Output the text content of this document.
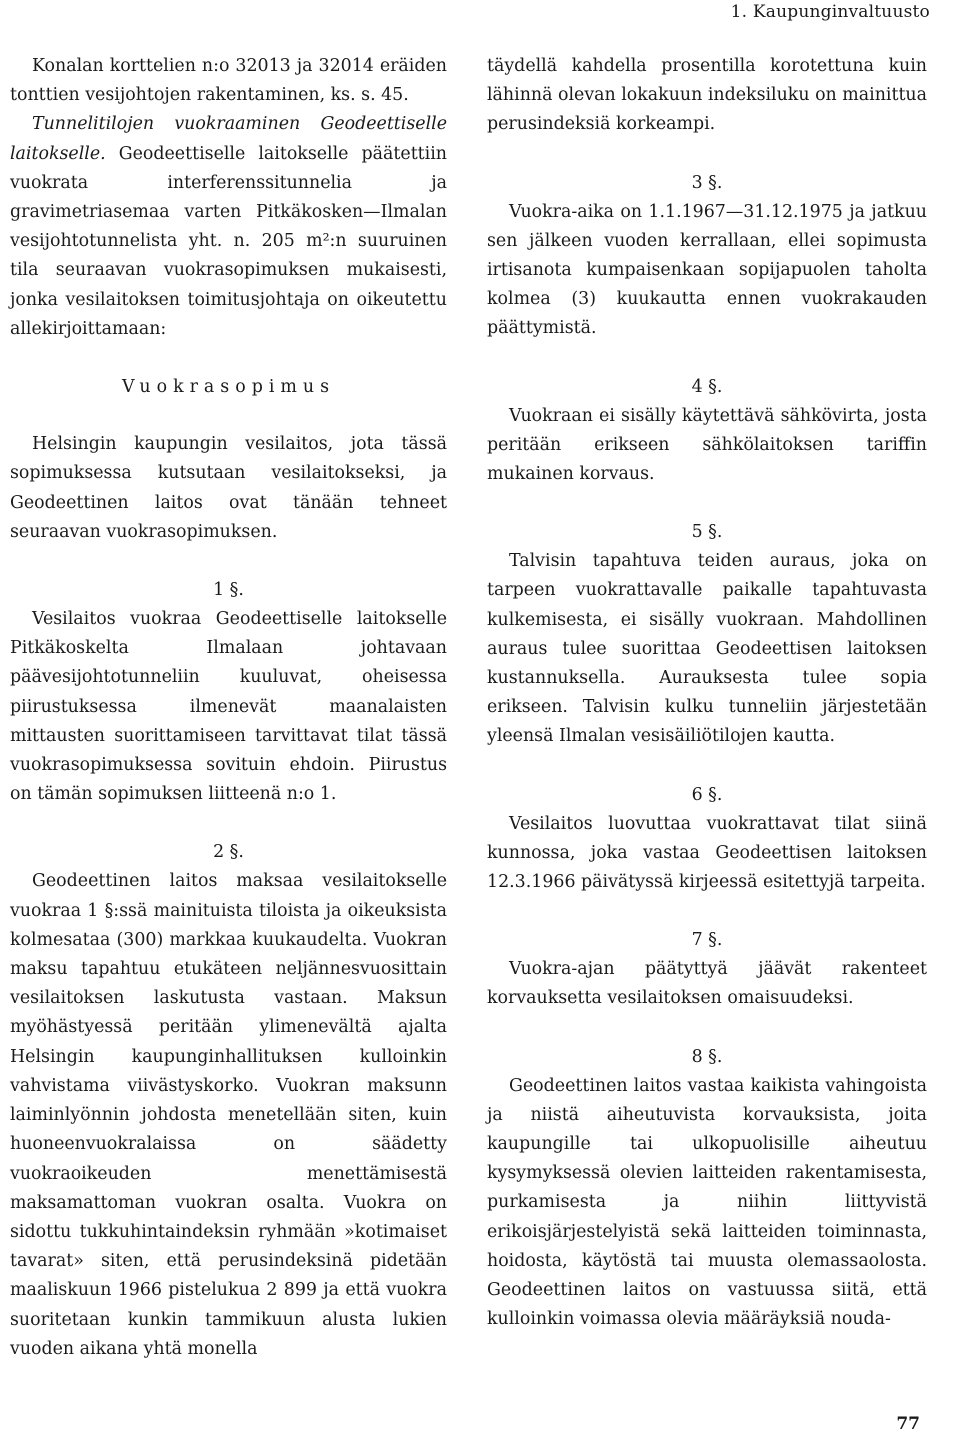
1. Kaupunginvaltuusto

Konalan korttelien n:o 32013 ja 32014 eräiden tonttien vesijohtojen rakentaminen, ks. s. 45.

Tunnelitilojen vuokraaminen Geodeettiselle laitokselle. Geodeettiselle laitokselle päätettiin vuokrata interferenssitunnelia ja gravimetriasemaa varten Pitkäkosken—Ilmalan vesijohtotunnelista yht. n. 205 m²:n suuruinen tila seuraavan vuokrasopimuksen mukaisesti, jonka vesilaitoksen toimitusjohtaja on oikeutettu allekirjoittamaan:

Vuokrasopimus

Helsingin kaupungin vesilaitos, jota tässä sopimuksessa kutsutaan vesilaitokseksi, ja Geodeettinen laitos ovat tänään tehneet seuraavan vuokrasopimuksen.

1 §.

Vesilaitos vuokraa Geodeettiselle laitokselle Pitkäkoskelta Ilmalaan johtavaan päävesijohtotunneliin kuuluvat, oheisessa piirustuksessa ilmenevät maanalaisten mittausten suorittamiseen tarvittavat tilat tässä vuokrasopimuksessa sovituin ehdoin. Piirustus on tämän sopimuksen liitteenä n:o 1.

2 §.

Geodeettinen laitos maksaa vesilaitokselle vuokraa 1 §:ssä mainituista tiloista ja oikeuksista kolmesataa (300) markkaa kuukaudelta. Vuokran maksu tapahtuu etukäteen neljännesvuosittain vesilaitoksen laskutusta vastaan. Maksun myöhästyessä peritään ylimenevältä ajalta Helsingin kaupunginhallituksen kulloinkin vahvistama viivästyskorko. Vuokran maksunn laiminlyönnin johdosta menetellään siten, kuin huoneenvuokralaissa on säädetty vuokraoikeuden menettämisestä maksamattoman vuokran osalta. Vuokra on sidottu tukkuhintaindeksin ryhmään »kotimaiset tavarat» siten, että perusindeksinä pidetään maaliskuun 1966 pistelukua 2 899 ja että vuokra suoritetaan kunkin tammikuun alusta lukien vuoden aikana yhtä monella

täydellä kahdella prosentilla korotettuna kuin lähinnä olevan lokakuun indeksiluku on mainittua perusindeksiä korkeampi.

3 §.

Vuokra-aika on 1.1.1967—31.12.1975 ja jatkuu sen jälkeen vuoden kerrallaan, ellei sopimusta irtisanota kumpaisenkaan sopijapuolen taholta kolmea (3) kuukautta ennen vuokrakauden päättymistä.

4 §.

Vuokraan ei sisälly käytettävä sähkövirta, josta peritään erikseen sähkölaitoksen tariffin mukainen korvaus.

5 §.

Talvisin tapahtuva teiden auraus, joka on tarpeen vuokrattavalle paikalle tapahtuvasta kulkemisesta, ei sisälly vuokraan. Mahdollinen auraus tulee suorittaa Geodeettisen laitoksen kustannuksella. Aurauksesta tulee sopia erikseen. Talvisin kulku tunneliin järjestetään yleensä Ilmalan vesisäiliötilojen kautta.

6 §.

Vesilaitos luovuttaa vuokrattavat tilat siinä kunnossa, joka vastaa Geodeettisen laitoksen 12.3.1966 päivätyssä kirjeessä esitettyjä tarpeita.

7 §.

Vuokra-ajan päätyttyä jäävät rakenteet korvauksetta vesilaitoksen omaisuudeksi.

8 §.

Geodeettinen laitos vastaa kaikista vahingoista ja niistä aiheutuvista korvauksista, joita kaupungille tai ulkopuolisille aiheutuu kysymyksessä olevien laitteiden rakentamisesta, purkamisesta ja niihin liittyvistä erikoisjärjestelyistä sekä laitteiden toiminnasta, hoidosta, käytöstä tai muusta olemassaolosta. Geodeettinen laitos on vastuussa siitä, että kulloinkin voimassa olevia määräyksiä nouda-

77
